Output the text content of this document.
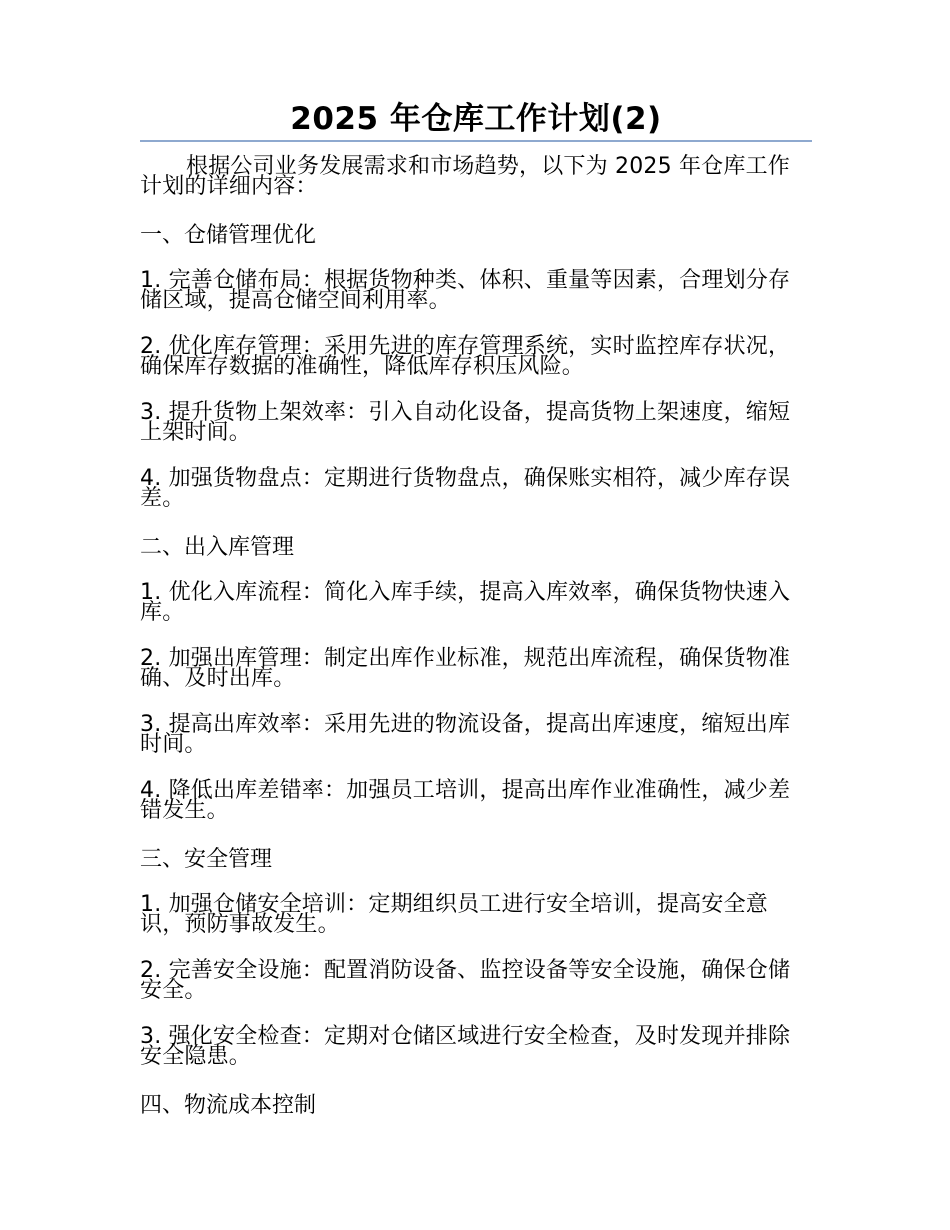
2025 年仓库工作计划(2)

根据公司业务发展需求和市场趋势，以下为 2025 年仓库工作计划的详细内容：

一、仓储管理优化

1. 完善仓储布局：根据货物种类、体积、重量等因素，合理划分存储区域，提高仓储空间利用率。

2. 优化库存管理：采用先进的库存管理系统，实时监控库存状况，确保库存数据的准确性，降低库存积压风险。

3. 提升货物上架效率：引入自动化设备，提高货物上架速度，缩短上架时间。

4. 加强货物盘点：定期进行货物盘点，确保账实相符，减少库存误差。

二、出入库管理

1. 优化入库流程：简化入库手续，提高入库效率，确保货物快速入库。

2. 加强出库管理：制定出库作业标准，规范出库流程，确保货物准确、及时出库。

3. 提高出库效率：采用先进的物流设备，提高出库速度，缩短出库时间。

4. 降低出库差错率：加强员工培训，提高出库作业准确性，减少差错发生。

三、安全管理

1. 加强仓储安全培训：定期组织员工进行安全培训，提高安全意识，预防事故发生。

2. 完善安全设施：配置消防设备、监控设备等安全设施，确保仓储安全。

3. 强化安全检查：定期对仓储区域进行安全检查，及时发现并排除安全隐患。

四、物流成本控制
